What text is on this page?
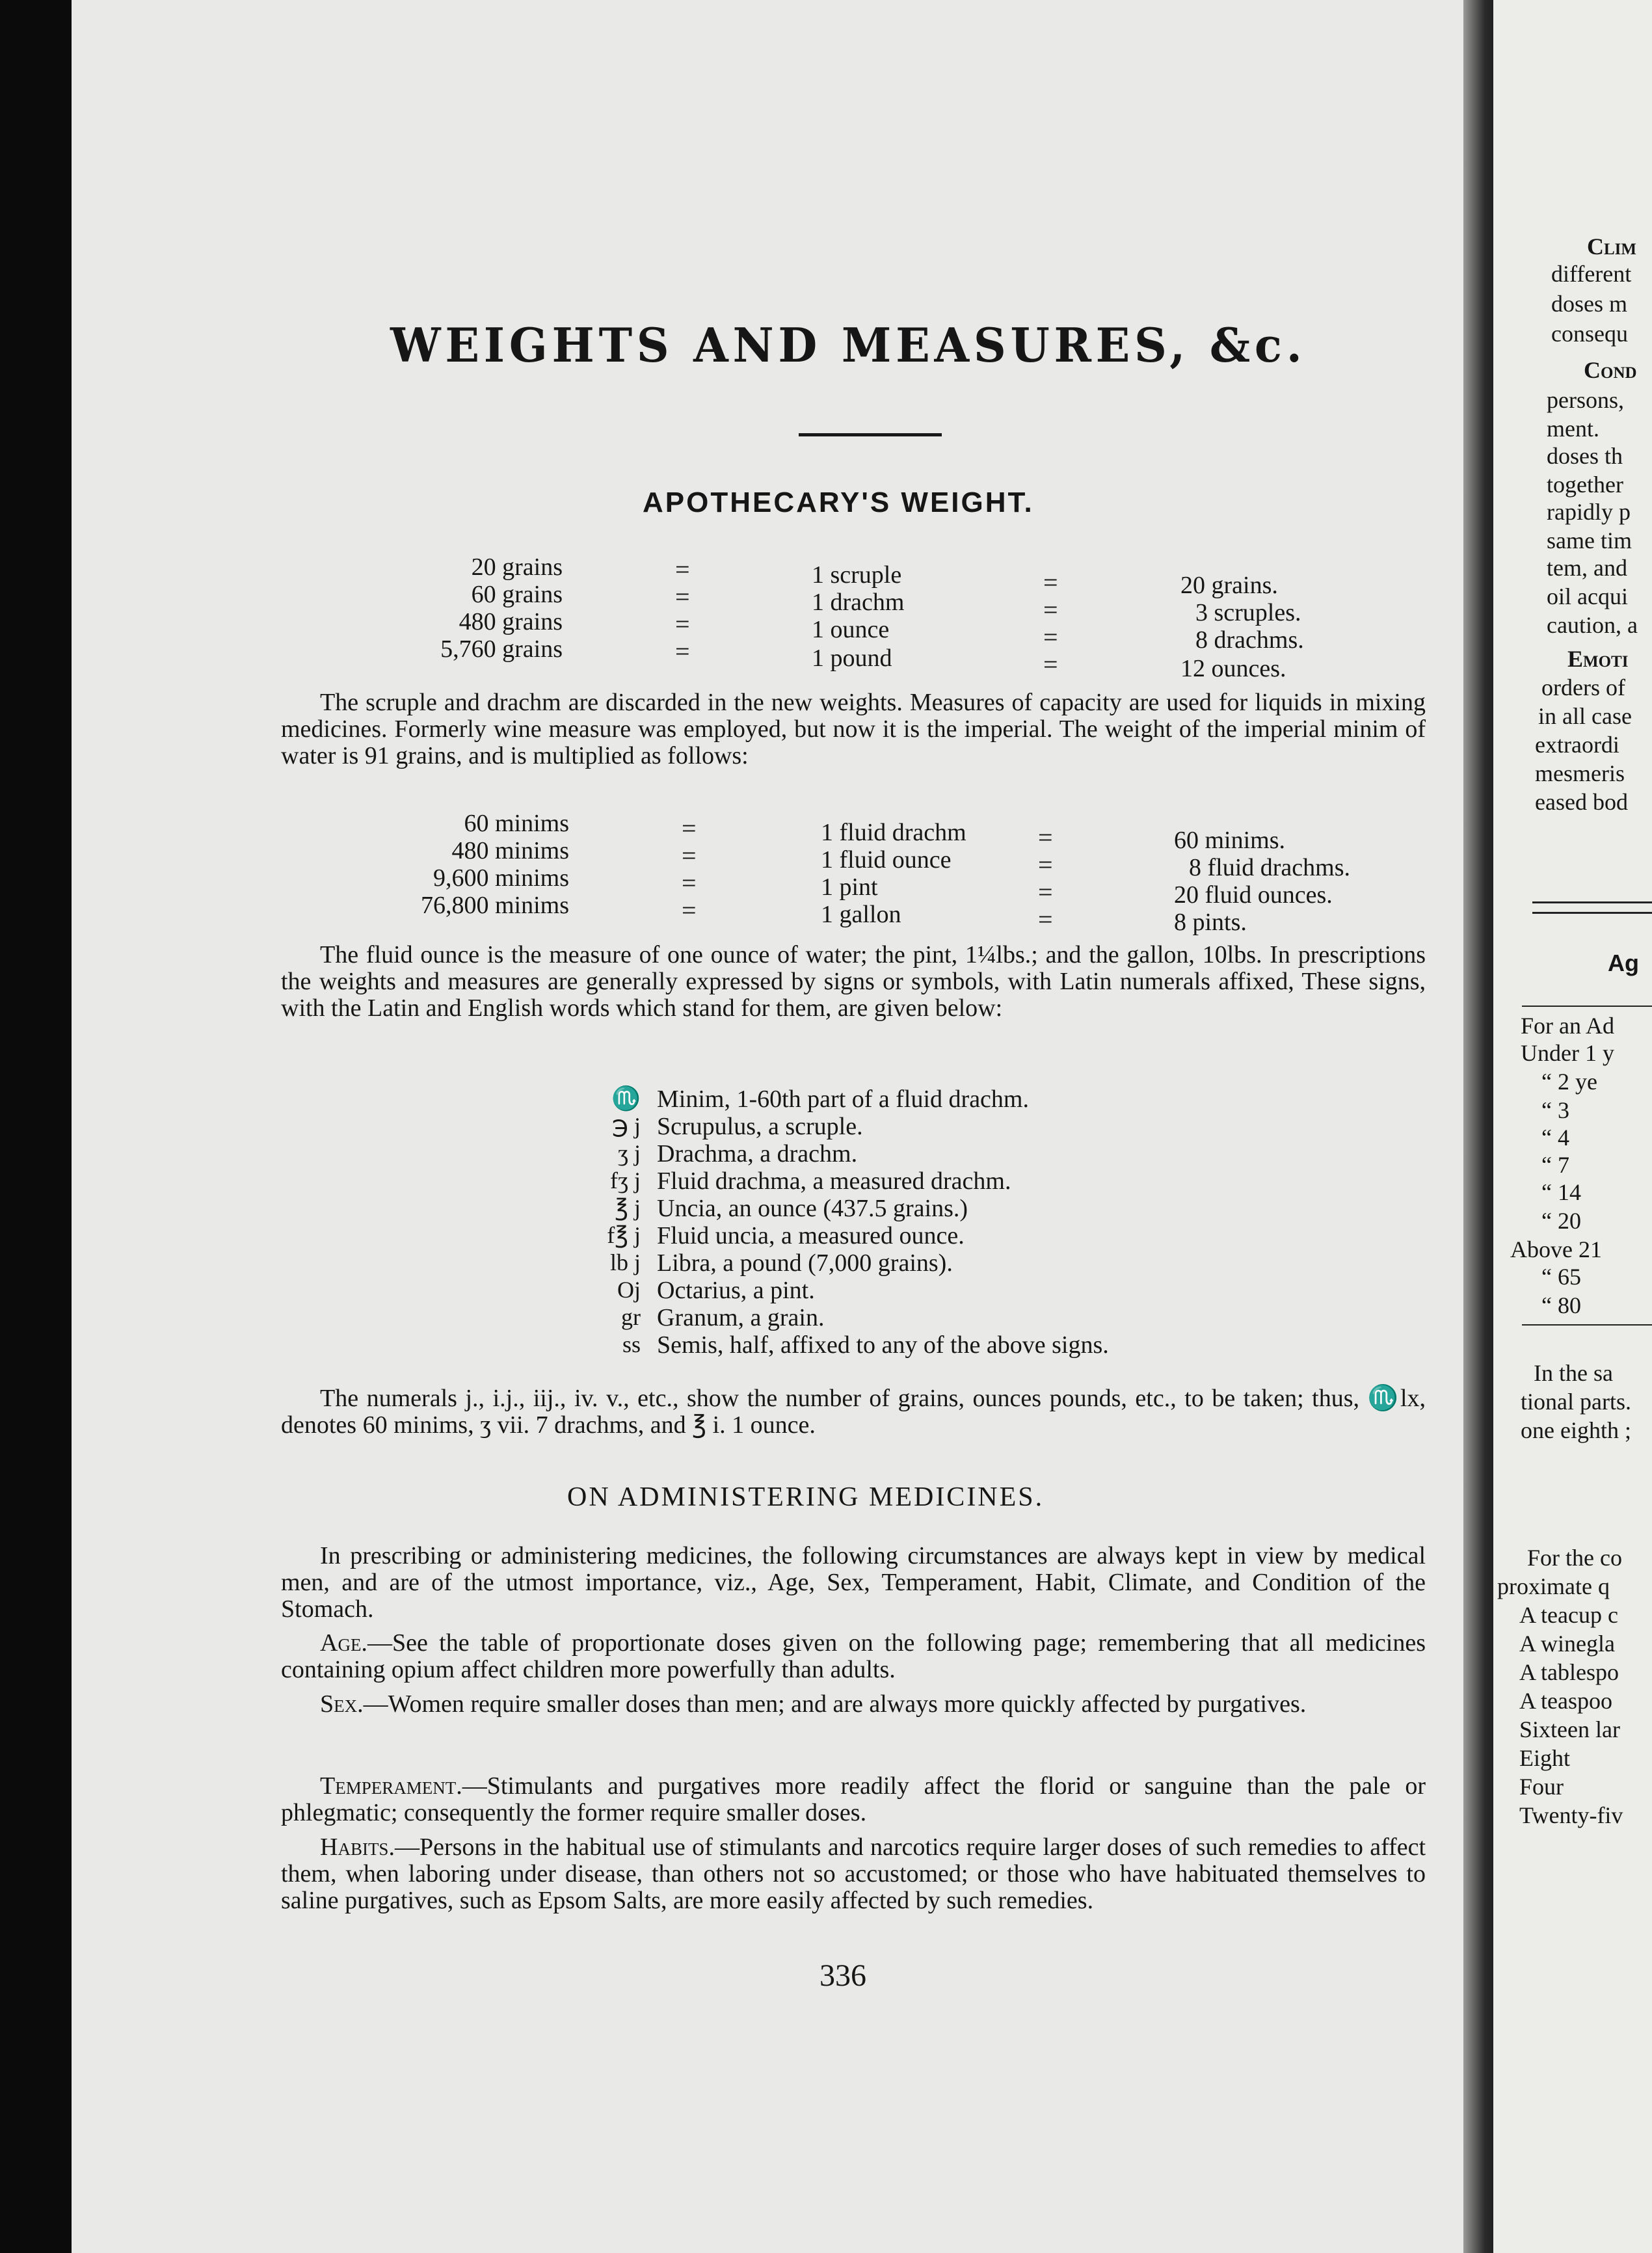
WEIGHTS AND MEASURES, &c.
APOTHECARY'S WEIGHT.
20 grains
60 grains
480 grains
5,760 grains
=
=
=
=
1 scruple
1 drachm
1 ounce
1 pound
=
=
=
=
20 grains.
3 scruples.
8 drachms.
12 ounces.

The scruple and drachm are discarded in the new weights. Measures of capacity are used for liquids in mixing medicines. Formerly wine measure was employed, but now it is the imperial. The weight of the imperial minim of water is 91 grains, and is multiplied as follows:

60 minims
480 minims
9,600 minims
76,800 minims
=
=
=
=
1 fluid drachm
1 fluid ounce
1 pint
1 gallon
=
=
=
=
60 minims.
8 fluid drachms.
20 fluid ounces.
8 pints.

The fluid ounce is the measure of one ounce of water; the pint, 1¼lbs.; and the gallon, 10lbs. In prescriptions the weights and measures are generally expressed by signs or symbols, with Latin numerals affixed, These signs, with the Latin and English words which stand for them, are given below:

♏ Minim, 1-60th part of a fluid drachm.
℈ j Scrupulus, a scruple.
ʒ j Drachma, a drachm.
fʒ j Fluid drachma, a measured drachm.
℥ j Uncia, an ounce (437.5 grains.)
f℥ j Fluid uncia, a measured ounce.
lb j Libra, a pound (7,000 grains).
Oj Octarius, a pint.
gr Granum, a grain.
ss Semis, half, affixed to any of the above signs.

The numerals j., i.j., iij., iv. v., etc., show the number of grains, ounces pounds, etc., to be taken; thus, ♏lx, denotes 60 minims, ʒ vii. 7 drachms, and ℥ i. 1 ounce.

ON ADMINISTERING MEDICINES.

In prescribing or administering medicines, the following circumstances are always kept in view by medical men, and are of the utmost importance, viz., Age, Sex, Temperament, Habit, Climate, and Condition of the Stomach.

Age.—See the table of proportionate doses given on the following page; remembering that all medicines containing opium affect children more powerfully than adults.

Sex.—Women require smaller doses than men; and are always more quickly affected by purgatives.

Temperament.—Stimulants and purgatives more readily affect the florid or sanguine than the pale or phlegmatic; consequently the former require smaller doses.

Habits.—Persons in the habitual use of stimulants and narcotics require larger doses of such remedies to affect them, when laboring under disease, than others not so accustomed; or those who have habituated themselves to saline purgatives, such as Epsom Salts, are more easily affected by such remedies.

336
Clim
different
doses m
consequ
Cond
persons,
ment.
doses th
together
rapidly p
same tim
tem, and
oil acqui
caution, a
Emoti
orders of
in all case
extraordi
mesmeris
eased bod
Ag
For an Ad
Under 1 y
“ 2 ye
“ 3
“ 4
“ 7
“ 14
“ 20
Above 21
“ 65
“ 80
In the sa
tional parts.
one eighth ;
For the co
proximate q
A teacup c
A winegla
A tablespo
A teaspoo
Sixteen lar
Eight
Four
Twenty-fiv
